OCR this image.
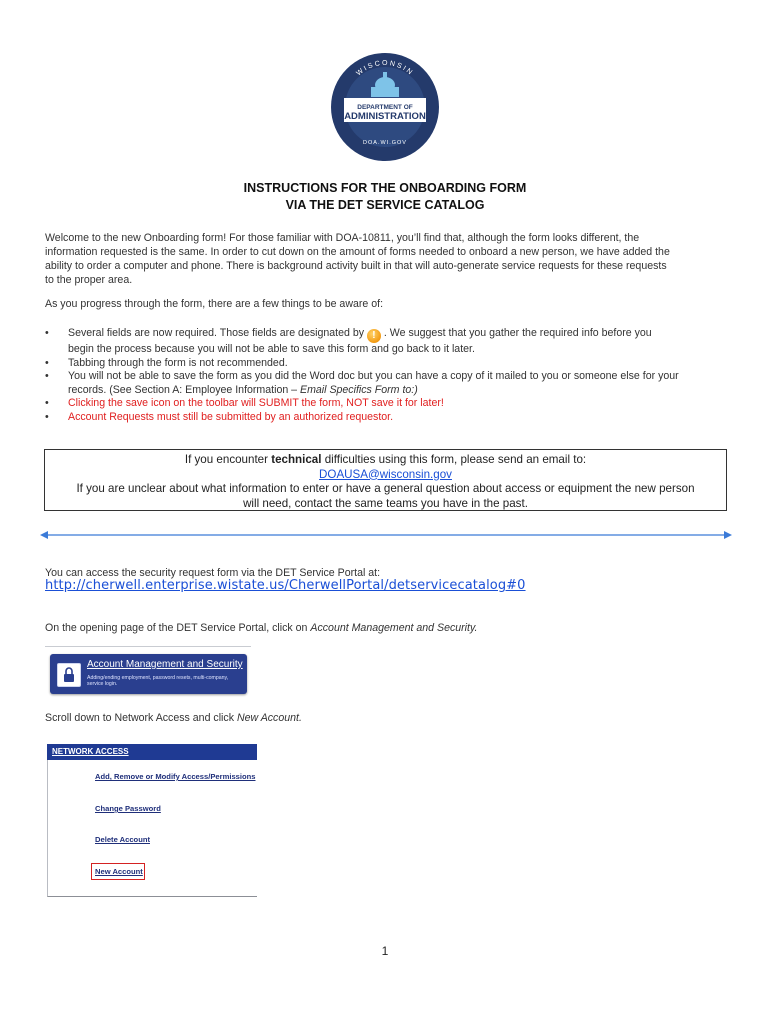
DEPARTMENT OF
ADMINISTRATION
WISCONSIN
DOA.WI.GOV
INSTRUCTIONS FOR THE ONBOARDING FORM
VIA THE DET SERVICE CATALOG
Welcome to the new Onboarding form! For those familiar with DOA-10811, you’ll find that, although the form looks different, the
information requested is the same. In order to cut down on the amount of forms needed to onboard a new person, we have added the
ability to order a computer and phone. There is background activity built in that will auto-generate service requests for these requests
to the proper area.
As you progress through the form, there are a few things to be aware of:
• Several fields are now required. Those fields are designated by ! . We suggest that you gather the required info before you
begin the process because you will not be able to save this form and go back to it later.
• Tabbing through the form is not recommended.
• You will not be able to save the form as you did the Word doc but you can have a copy of it mailed to you or someone else for your
records. (See Section A: Employee Information – Email Specifics Form to:)
• Clicking the save icon on the toolbar will SUBMIT the form, NOT save it for later!
• Account Requests must still be submitted by an authorized requestor.
If you encounter technical difficulties using this form, please send an email to:
DOAUSA@wisconsin.gov
If you are unclear about what information to enter or have a general question about access or equipment the new person
will need, contact the same teams you have in the past.
You can access the security request form via the DET Service Portal at:
http://cherwell.enterprise.wistate.us/CherwellPortal/detservicecatalog#0
On the opening page of the DET Service Portal, click on Account Management and Security.
Account Management and Security
Adding/ending employment, password resets, multi-company, service login.
Scroll down to Network Access and click New Account.
NETWORK ACCESS
Add, Remove or Modify Access/Permissions
Change Password
Delete Account
New Account
1
